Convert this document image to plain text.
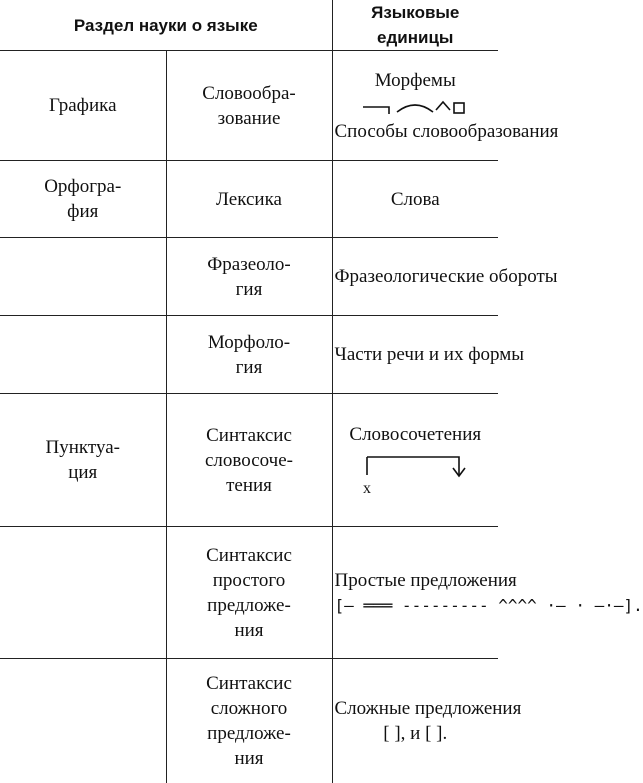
Раздел науки о языке		Языковые единицы

Графика	Словообра-
зование	Морфемы
Способы словообразования

Орфогра-
фия	Лексика	Слова

	Фразеоло-
гия	Фразеологические обороты

	Морфоло-
гия	Части речи и их формы

Пунктуа-
ция	Синтаксис
словосоче-
тения	Словосочетения
x

	Синтаксис
простого
предложе-
ния	Простые предложения
[— ═══ --------- ^^^^ ·— · —·—].

	Синтаксис
сложного
предложе-
ния	Сложные предложения
[ ], и [ ].
